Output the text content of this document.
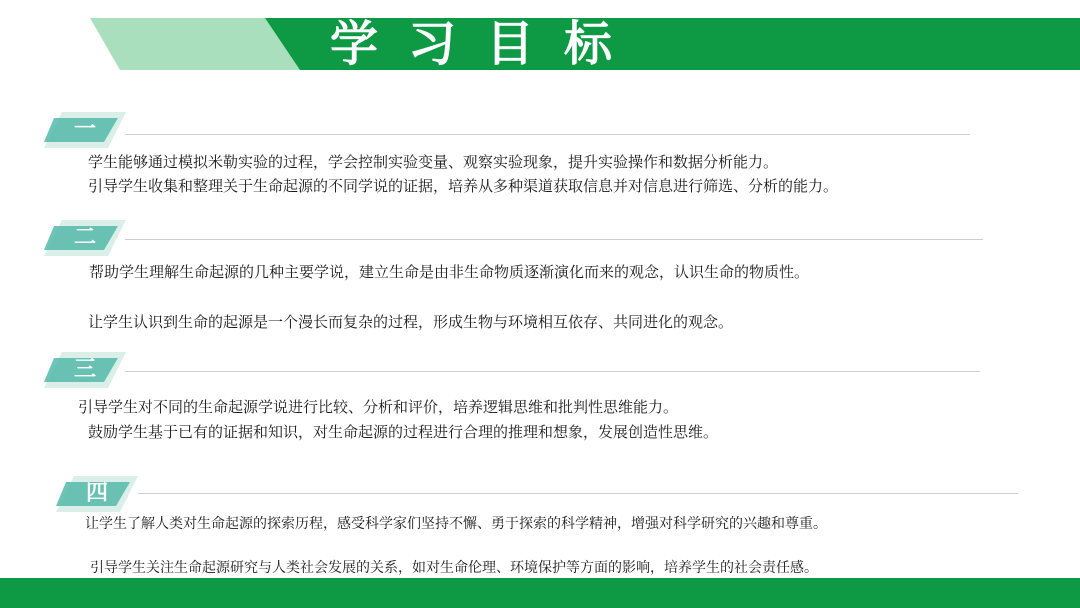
学习目标
一
学生能够通过模拟米勒实验的过程，学会控制实验变量、观察实验现象，提升实验操作和数据分析能力。
引导学生收集和整理关于生命起源的不同学说的证据，培养从多种渠道获取信息并对信息进行筛选、分析的能力。
二
帮助学生理解生命起源的几种主要学说，建立生命是由非生命物质逐渐演化而来的观念，认识生命的物质性。
让学生认识到生命的起源是一个漫长而复杂的过程，形成生物与环境相互依存、共同进化的观念。
三
引导学生对不同的生命起源学说进行比较、分析和评价，培养逻辑思维和批判性思维能力。
鼓励学生基于已有的证据和知识，对生命起源的过程进行合理的推理和想象，发展创造性思维。
四
让学生了解人类对生命起源的探索历程，感受科学家们坚持不懈、勇于探索的科学精神，增强对科学研究的兴趣和尊重。
引导学生关注生命起源研究与人类社会发展的关系，如对生命伦理、环境保护等方面的影响，培养学生的社会责任感。
